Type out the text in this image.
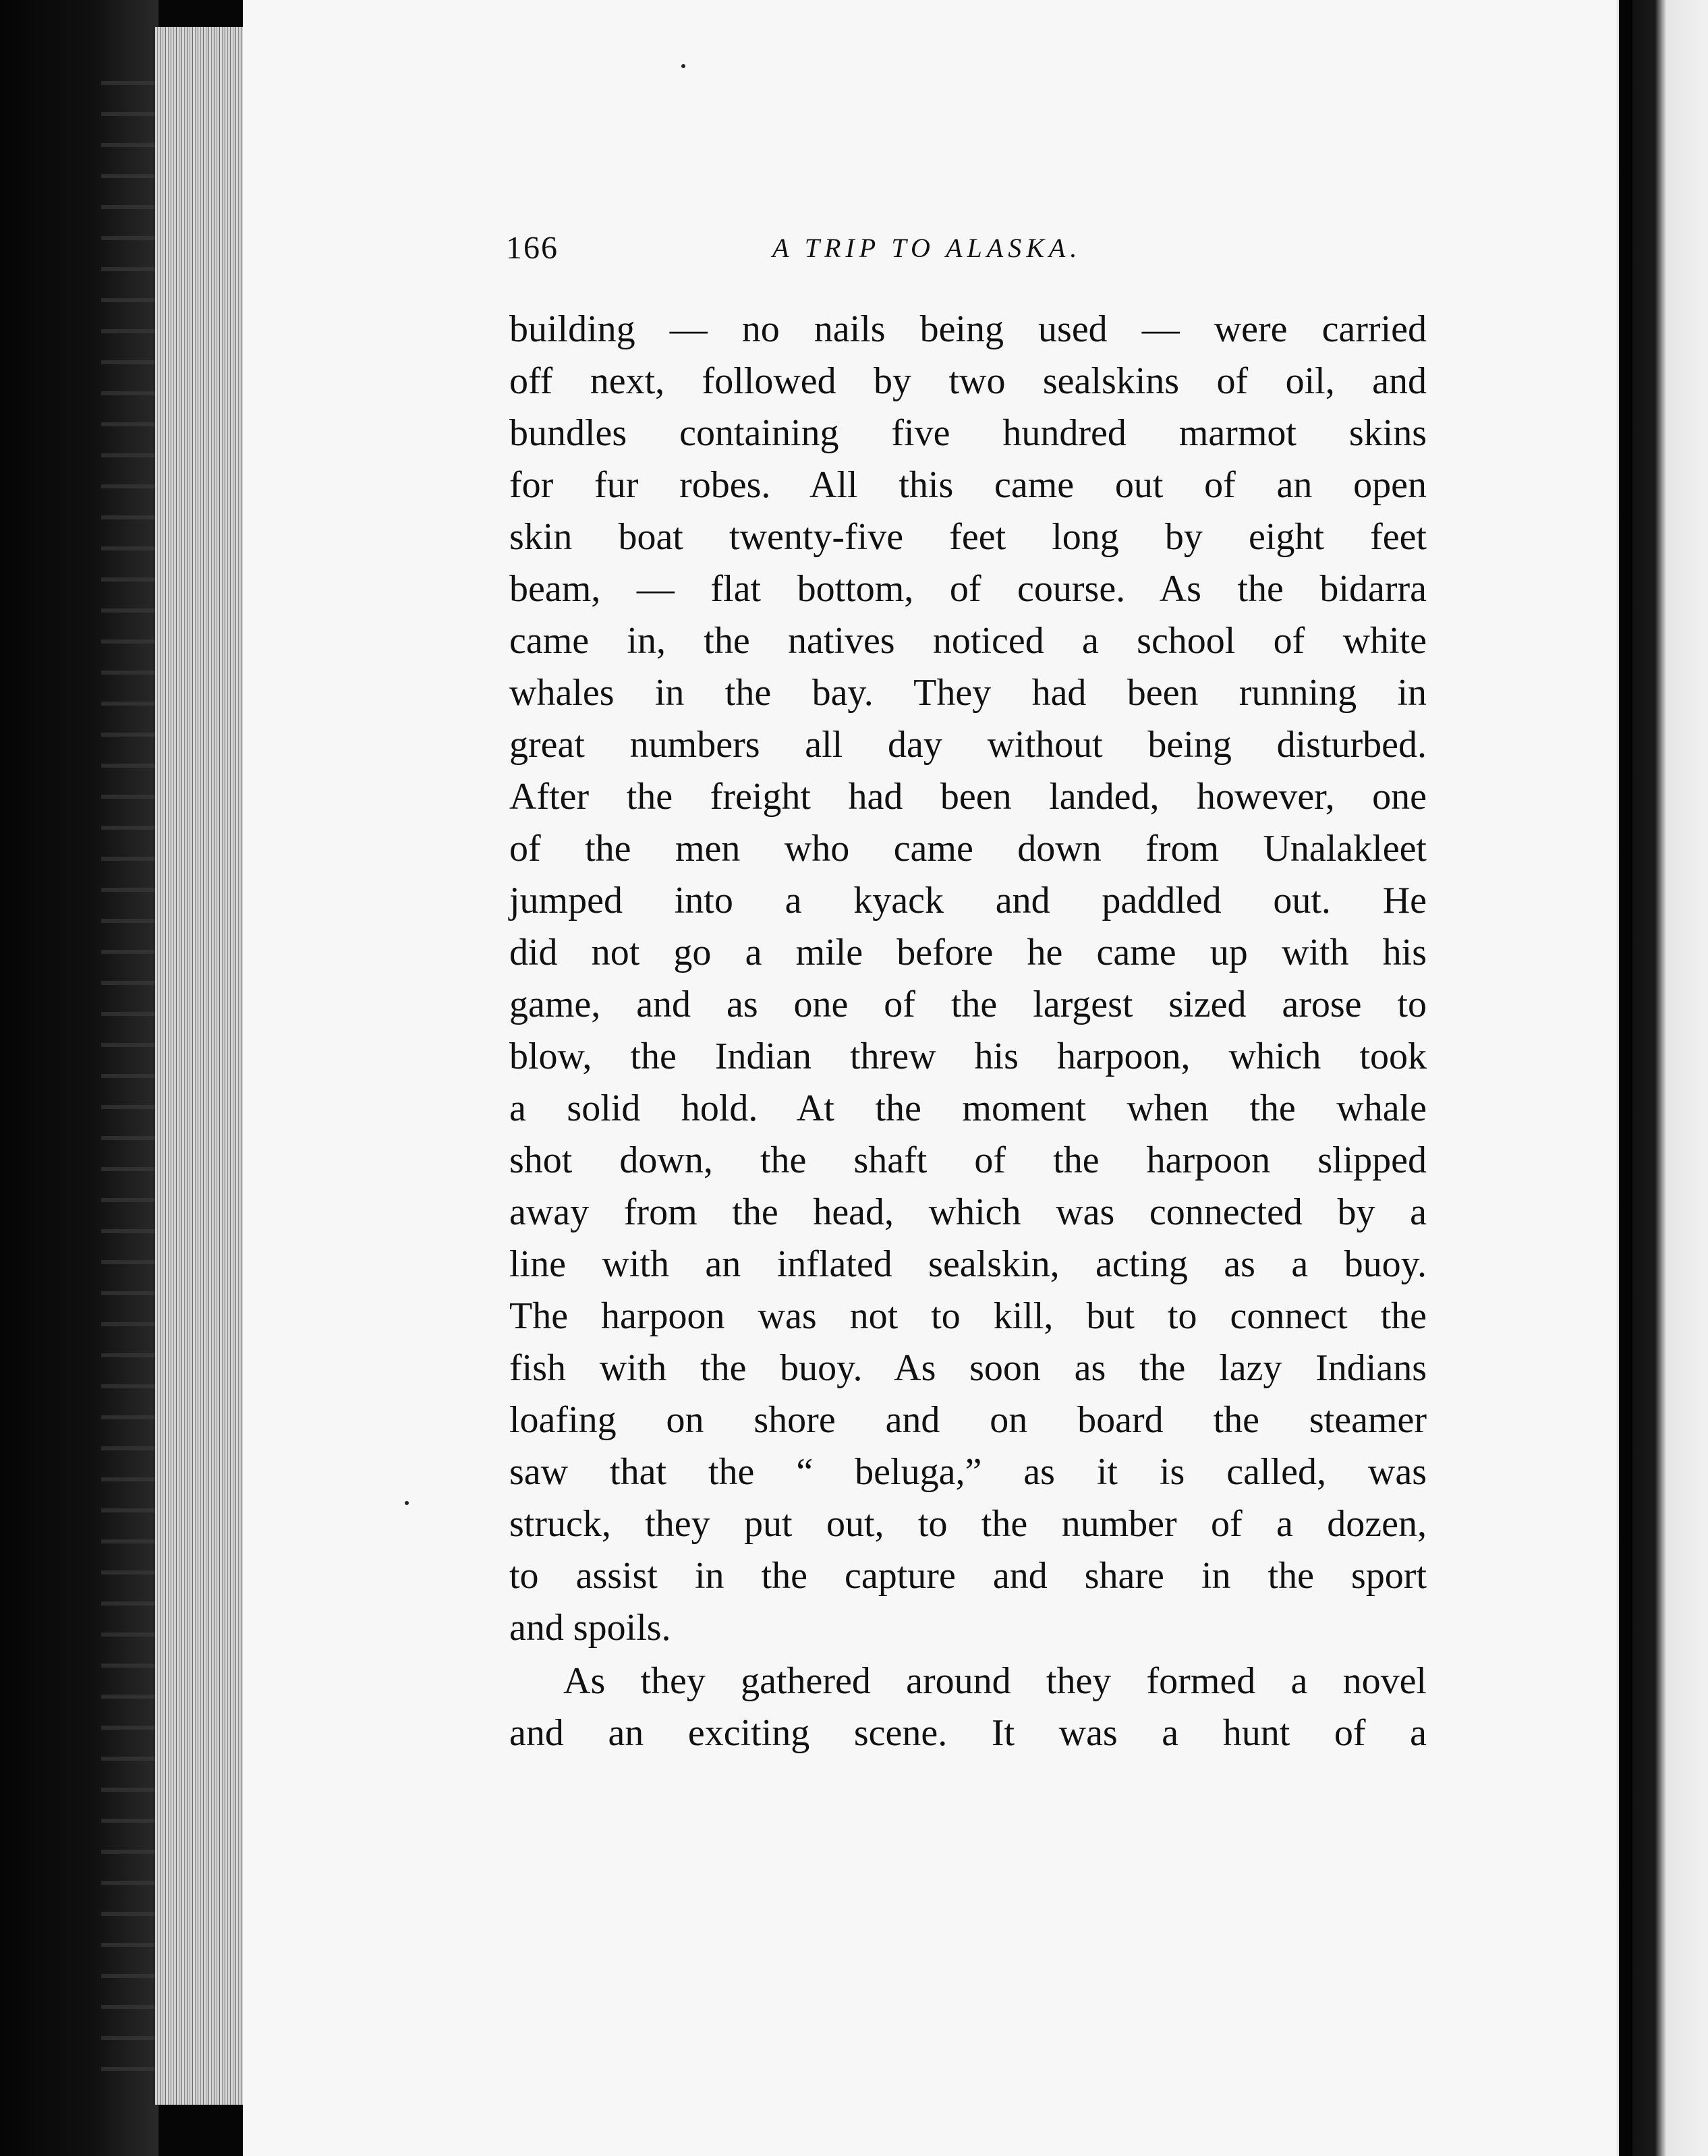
166	A TRIP TO ALASKA.
building — no nails being used — were carried
off next, followed by two sealskins of oil, and
bundles containing five hundred marmot skins
for fur robes. All this came out of an open
skin boat twenty-five feet long by eight feet
beam, — flat bottom, of course. As the bidarra
came in, the natives noticed a school of white
whales in the bay. They had been running in
great numbers all day without being disturbed.
After the freight had been landed, however, one
of the men who came down from Unalakleet
jumped into a kyack and paddled out. He
did not go a mile before he came up with his
game, and as one of the largest sized arose to
blow, the Indian threw his harpoon, which took
a solid hold. At the moment when the whale
shot down, the shaft of the harpoon slipped
away from the head, which was connected by a
line with an inflated sealskin, acting as a buoy.
The harpoon was not to kill, but to connect the
fish with the buoy. As soon as the lazy Indians
loafing on shore and on board the steamer
saw that the “ beluga,” as it is called, was
struck, they put out, to the number of a dozen,
to assist in the capture and share in the sport
and spoils.
As they gathered around they formed a novel
and an exciting scene. It was a hunt of a
